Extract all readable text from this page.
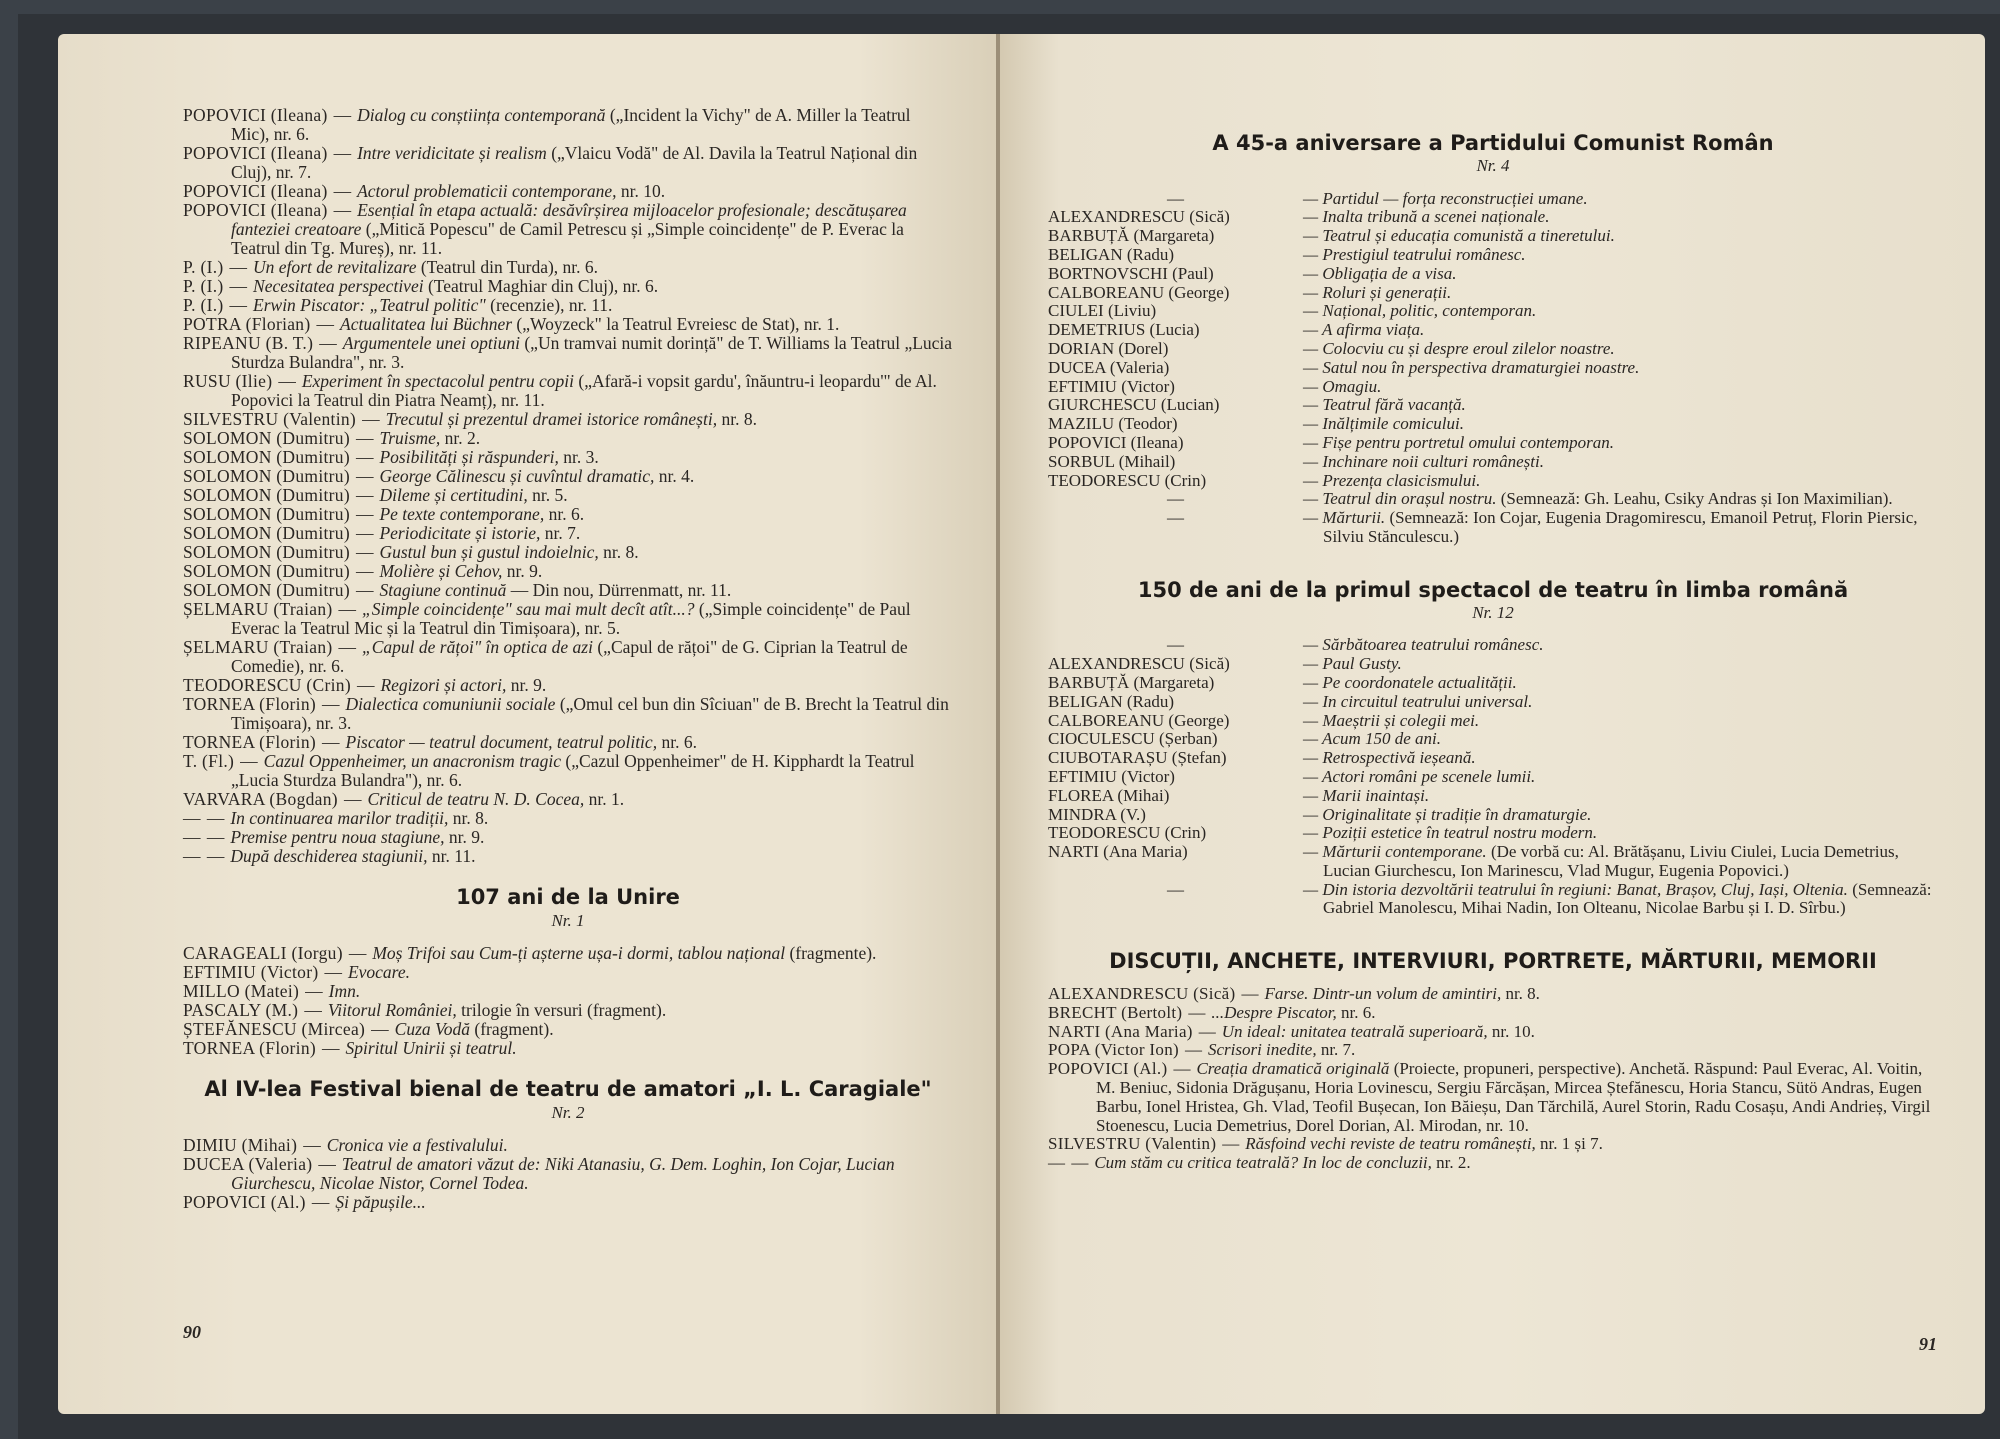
POPOVICI (Ileana) — Dialog cu conștiința contemporană („Incident la Vichy" de A. Miller la Teatrul Mic), nr. 6.

POPOVICI (Ileana) — Intre veridicitate și realism („Vlaicu Vodă" de Al. Davila la Teatrul Național din Cluj), nr. 7.

POPOVICI (Ileana) — Actorul problematicii contemporane, nr. 10.

POPOVICI (Ileana) — Esențial în etapa actuală: desăvîrșirea mijloacelor profesionale; descătușarea fanteziei creatoare („Mitică Popescu" de Camil Petrescu și „Simple coincidențe" de P. Everac la Teatrul din Tg. Mureș), nr. 11.

P. (I.) — Un efort de revitalizare (Teatrul din Turda), nr. 6.

P. (I.) — Necesitatea perspectivei (Teatrul Maghiar din Cluj), nr. 6.

P. (I.) — Erwin Piscator: „Teatrul politic" (recenzie), nr. 11.

POTRA (Florian) — Actualitatea lui Büchner („Woyzeck" la Teatrul Evreiesc de Stat), nr. 1.

RIPEANU (B. T.) — Argumentele unei optiuni („Un tramvai numit dorință" de T. Williams la Teatrul „Lucia Sturdza Bulandra", nr. 3.

RUSU (Ilie) — Experiment în spectacolul pentru copii („Afară-i vopsit gardu', înăuntru-i leopardu'" de Al. Popovici la Teatrul din Piatra Neamț), nr. 11.

SILVESTRU (Valentin) — Trecutul și prezentul dramei istorice românești, nr. 8.

SOLOMON (Dumitru) — Truisme, nr. 2.

SOLOMON (Dumitru) — Posibilități și răspunderi, nr. 3.

SOLOMON (Dumitru) — George Călinescu și cuvîntul dramatic, nr. 4.

SOLOMON (Dumitru) — Dileme și certitudini, nr. 5.

SOLOMON (Dumitru) — Pe texte contemporane, nr. 6.

SOLOMON (Dumitru) — Periodicitate și istorie, nr. 7.

SOLOMON (Dumitru) — Gustul bun și gustul indoielnic, nr. 8.

SOLOMON (Dumitru) — Molière și Cehov, nr. 9.

SOLOMON (Dumitru) — Stagiune continuă — Din nou, Dürrenmatt, nr. 11.

ȘELMARU (Traian) — „Simple coincidențe" sau mai mult decît atît...? („Simple coincidențe" de Paul Everac la Teatrul Mic și la Teatrul din Timișoara), nr. 5.

ȘELMARU (Traian) — „Capul de rățoi" în optica de azi („Capul de rățoi" de G. Ciprian la Teatrul de Comedie), nr. 6.

TEODORESCU (Crin) — Regizori și actori, nr. 9.

TORNEA (Florin) — Dialectica comuniunii sociale („Omul cel bun din Sîciuan" de B. Brecht la Teatrul din Timișoara), nr. 3.

TORNEA (Florin) — Piscator — teatrul document, teatrul politic, nr. 6.

T. (Fl.) — Cazul Oppenheimer, un anacronism tragic („Cazul Oppenheimer" de H. Kipphardt la Teatrul „Lucia Sturdza Bulandra"), nr. 6.

VARVARA (Bogdan) — Criticul de teatru N. D. Cocea, nr. 1.

— — In continuarea marilor tradiții, nr. 8.

— — Premise pentru noua stagiune, nr. 9.

— — După deschiderea stagiunii, nr. 11.

107 ani de la Unire
Nr. 1

CARAGEALI (Iorgu) — Moș Trifoi sau Cum-ți așterne ușa-i dormi, tablou național (fragmente).

EFTIMIU (Victor) — Evocare.

MILLO (Matei) — Imn.

PASCALY (M.) — Viitorul României, trilogie în versuri (fragment).

ȘTEFĂNESCU (Mircea) — Cuza Vodă (fragment).

TORNEA (Florin) — Spiritul Unirii și teatrul.

Al IV-lea Festival bienal de teatru de amatori „I. L. Caragiale"
Nr. 2

DIMIU (Mihai) — Cronica vie a festivalului.

DUCEA (Valeria) — Teatrul de amatori văzut de: Niki Atanasiu, G. Dem. Loghin, Ion Cojar, Lucian Giurchescu, Nicolae Nistor, Cornel Todea.

POPOVICI (Al.) — Și păpușile...

90
A 45-a aniversare a Partidului Comunist Român
Nr. 4
—	— Partidul — forța reconstrucției umane.
ALEXANDRESCU (Sică)	— Inalta tribună a scenei naționale.
BARBUȚĂ (Margareta)	— Teatrul și educația comunistă a tineretului.
BELIGAN (Radu)	— Prestigiul teatrului românesc.
BORTNOVSCHI (Paul)	— Obligația de a visa.
CALBOREANU (George)	— Roluri și generații.
CIULEI (Liviu)	— Național, politic, contemporan.
DEMETRIUS (Lucia)	— A afirma viața.
DORIAN (Dorel)	— Colocviu cu și despre eroul zilelor noastre.
DUCEA (Valeria)	— Satul nou în perspectiva dramaturgiei noastre.
EFTIMIU (Victor)	— Omagiu.
GIURCHESCU (Lucian)	— Teatrul fără vacanță.
MAZILU (Teodor)	— Inălțimile comicului.
POPOVICI (Ileana)	— Fișe pentru portretul omului contemporan.
SORBUL (Mihail)	— Inchinare noii culturi românești.
TEODORESCU (Crin)	— Prezența clasicismului.
—	— Teatrul din orașul nostru. (Semnează: Gh. Leahu, Csiky Andras și Ion Maximilian).
—	— Mărturii. (Semnează: Ion Cojar, Eugenia Dragomirescu, Emanoil Petruț, Florin Piersic, Silviu Stănculescu.)
150 de ani de la primul spectacol de teatru în limba română
Nr. 12
—	— Sărbătoarea teatrului românesc.
ALEXANDRESCU (Sică)	— Paul Gusty.
BARBUȚĂ (Margareta)	— Pe coordonatele actualității.
BELIGAN (Radu)	— In circuitul teatrului universal.
CALBOREANU (George)	— Maeștrii și colegii mei.
CIOCULESCU (Șerban)	— Acum 150 de ani.
CIUBOTARAȘU (Ștefan)	— Retrospectivă ieșeană.
EFTIMIU (Victor)	— Actori români pe scenele lumii.
FLOREA (Mihai)	— Marii inaintași.
MINDRA (V.)	— Originalitate și tradiție în dramaturgie.
TEODORESCU (Crin)	— Poziții estetice în teatrul nostru modern.
NARTI (Ana Maria)	— Mărturii contemporane. (De vorbă cu: Al. Brătășanu, Liviu Ciulei, Lucia Demetrius, Lucian Giurchescu, Ion Marinescu, Vlad Mugur, Eugenia Popovici.)
—	— Din istoria dezvoltării teatrului în regiuni: Banat, Brașov, Cluj, Iași, Oltenia. (Semnează: Gabriel Manolescu, Mihai Nadin, Ion Olteanu, Nicolae Barbu și I. D. Sîrbu.)
DISCUȚII, ANCHETE, INTERVIURI, PORTRETE, MĂRTURII, MEMORII

ALEXANDRESCU (Sică) — Farse. Dintr-un volum de amintiri, nr. 8.

BRECHT (Bertolt) — ...Despre Piscator, nr. 6.

NARTI (Ana Maria) — Un ideal: unitatea teatrală superioară, nr. 10.

POPA (Victor Ion) — Scrisori inedite, nr. 7.

POPOVICI (Al.) — Creația dramatică originală (Proiecte, propuneri, perspective). Anchetă. Răspund: Paul Everac, Al. Voitin, M. Beniuc, Sidonia Drăgușanu, Horia Lovinescu, Sergiu Fărcășan, Mircea Ștefănescu, Horia Stancu, Sütö Andras, Eugen Barbu, Ionel Hristea, Gh. Vlad, Teofil Bușecan, Ion Băieșu, Dan Tărchilă, Aurel Storin, Radu Cosașu, Andi Andrieș, Virgil Stoenescu, Lucia Demetrius, Dorel Dorian, Al. Mirodan, nr. 10.

SILVESTRU (Valentin) — Răsfoind vechi reviste de teatru românești, nr. 1 și 7.

— — Cum stăm cu critica teatrală? In loc de concluzii, nr. 2.

91
